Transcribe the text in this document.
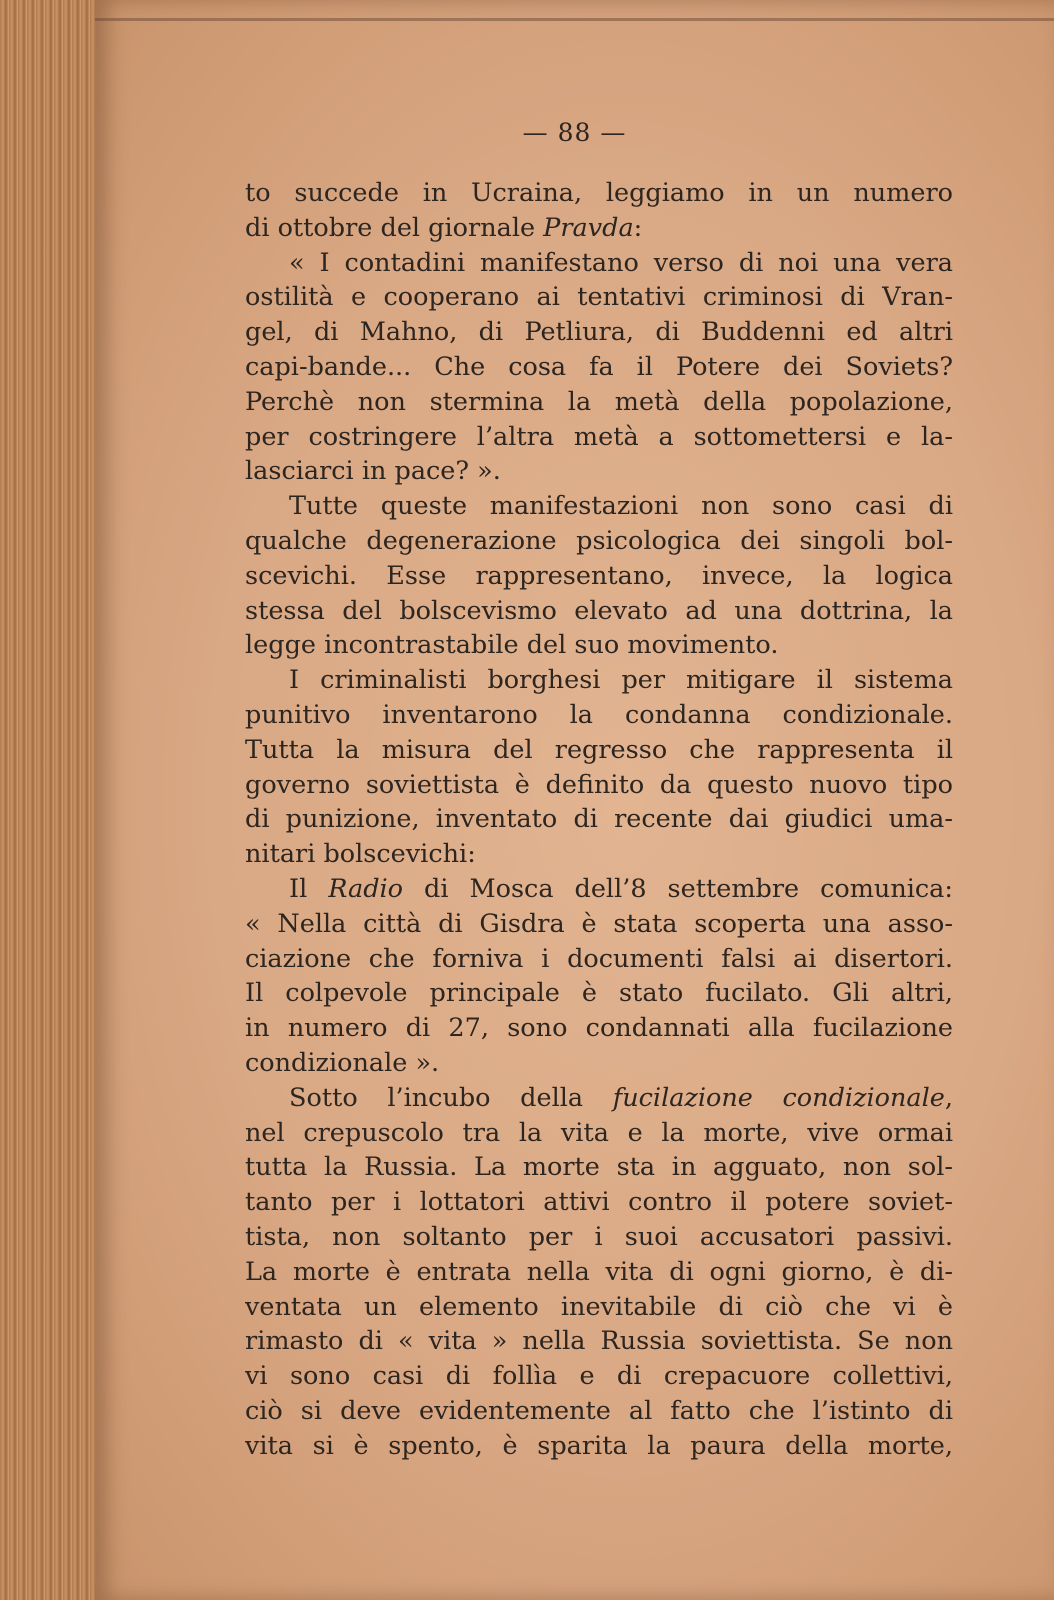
— 88 —
to succede in Ucraina, leggiamo in un numero
di ottobre del giornale Pravda:
« I contadini manifestano verso di noi una vera
ostilità e cooperano ai tentativi criminosi di Vran-
gel, di Mahno, di Petliura, di Buddenni ed altri
capi-bande... Che cosa fa il Potere dei Soviets?
Perchè non stermina la metà della popolazione,
per costringere l’altra metà a sottomettersi e la-
lasciarci in pace? ».
Tutte queste manifestazioni non sono casi di
qualche degenerazione psicologica dei singoli bol-
scevichi. Esse rappresentano, invece, la logica
stessa del bolscevismo elevato ad una dottrina, la
legge incontrastabile del suo movimento.
I criminalisti borghesi per mitigare il sistema
punitivo inventarono la condanna condizionale.
Tutta la misura del regresso che rappresenta il
governo soviettista è definito da questo nuovo tipo
di punizione, inventato di recente dai giudici uma-
nitari bolscevichi:
Il Radio di Mosca dell’8 settembre comunica:
« Nella città di Gisdra è stata scoperta una asso-
ciazione che forniva i documenti falsi ai disertori.
Il colpevole principale è stato fucilato. Gli altri,
in numero di 27, sono condannati alla fucilazione
condizionale ».
Sotto l’incubo della fucilazione condizionale,
nel crepuscolo tra la vita e la morte, vive ormai
tutta la Russia. La morte sta in agguato, non sol-
tanto per i lottatori attivi contro il potere soviet-
tista, non soltanto per i suoi accusatori passivi.
La morte è entrata nella vita di ogni giorno, è di-
ventata un elemento inevitabile di ciò che vi è
rimasto di « vita » nella Russia soviettista. Se non
vi sono casi di follìa e di crepacuore collettivi,
ciò si deve evidentemente al fatto che l’istinto di
vita si è spento, è sparita la paura della morte,
